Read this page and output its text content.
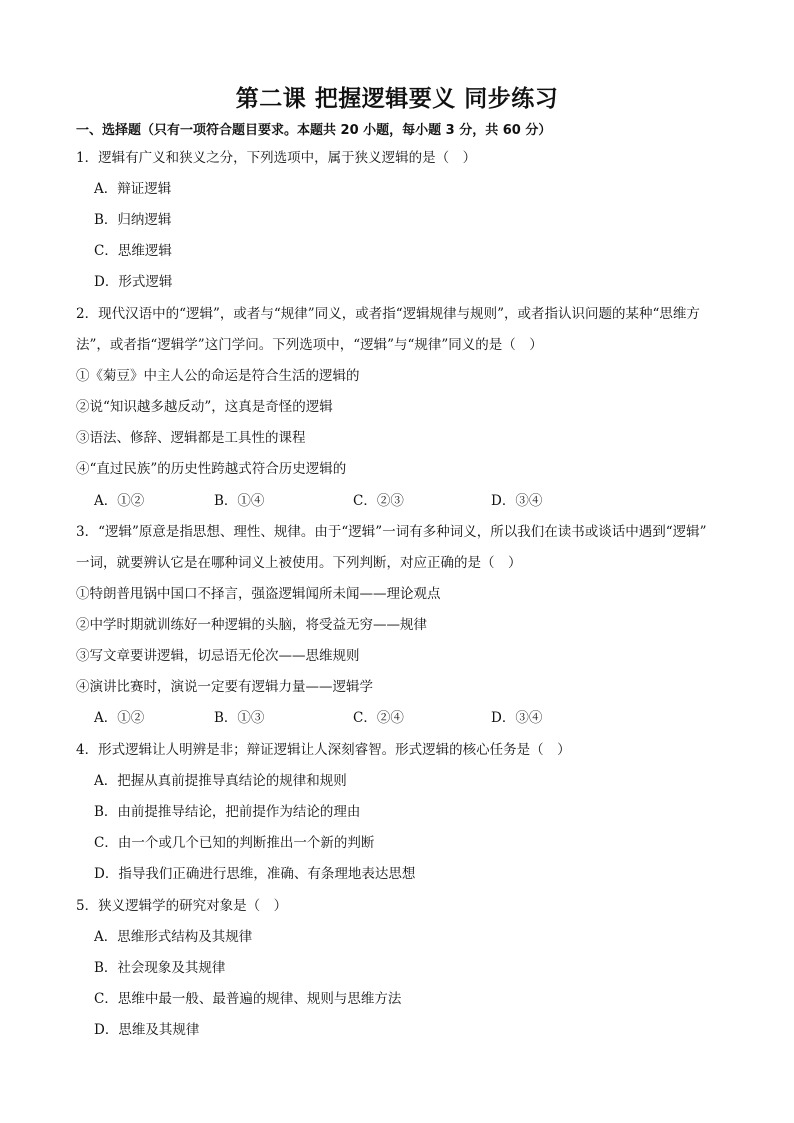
第二课 把握逻辑要义 同步练习
一、选择题（只有一项符合题目要求。本题共 20 小题，每小题 3 分，共 60 分）
1．逻辑有广义和狭义之分，下列选项中，属于狭义逻辑的是（　）
A．辩证逻辑
B．归纳逻辑
C．思维逻辑
D．形式逻辑
2．现代汉语中的“逻辑”，或者与“规律”同义，或者指“逻辑规律与规则”，或者指认识问题的某种“思维方
法”，或者指“逻辑学”这门学问。下列选项中，“逻辑”与“规律”同义的是（　）
①《菊豆》中主人公的命运是符合生活的逻辑的
②说“知识越多越反动”，这真是奇怪的逻辑
③语法、修辞、逻辑都是工具性的课程
④“直过民族”的历史性跨越式符合历史逻辑的
A．①②	B．①④	C．②③	D．③④
3．“逻辑”原意是指思想、理性、规律。由于“逻辑”一词有多种词义，所以我们在读书或谈话中遇到“逻辑”
一词，就要辨认它是在哪种词义上被使用。下列判断，对应正确的是（　）
①特朗普甩锅中国口不择言，强盗逻辑闻所未闻——理论观点
②中学时期就训练好一种逻辑的头脑，将受益无穷——规律
③写文章要讲逻辑，切忌语无伦次——思维规则
④演讲比赛时，演说一定要有逻辑力量——逻辑学
A．①②	B．①③	C．②④	D．③④
4．形式逻辑让人明辨是非；辩证逻辑让人深刻睿智。形式逻辑的核心任务是（　）
A．把握从真前提推导真结论的规律和规则
B．由前提推导结论，把前提作为结论的理由
C．由一个或几个已知的判断推出一个新的判断
D．指导我们正确进行思维，准确、有条理地表达思想
5．狭义逻辑学的研究对象是（　）
A．思维形式结构及其规律
B．社会现象及其规律
C．思维中最一般、最普遍的规律、规则与思维方法
D．思维及其规律
